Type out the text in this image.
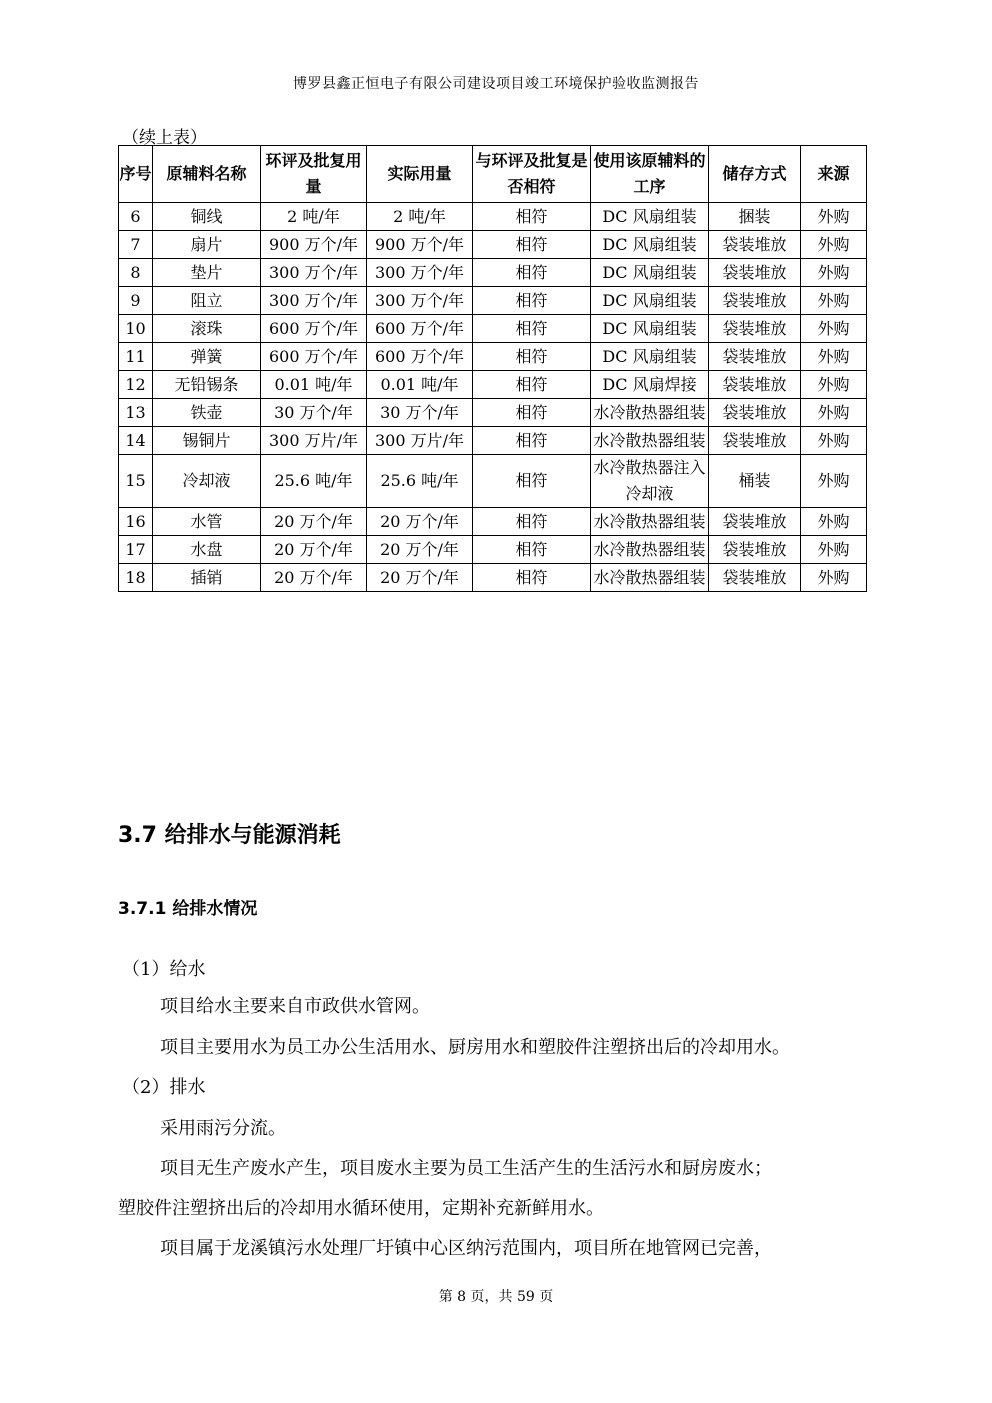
博罗县鑫正恒电子有限公司建设项目竣工环境保护验收监测报告
（续上表）
序号	原辅料名称	环评及批复用量	实际用量	与环评及批复是否相符	使用该原辅料的工序	储存方式	来源
6	铜线	2 吨/年	2 吨/年	相符	DC 风扇组装	捆装	外购
7	扇片	900 万个/年	900 万个/年	相符	DC 风扇组装	袋装堆放	外购
8	垫片	300 万个/年	300 万个/年	相符	DC 风扇组装	袋装堆放	外购
9	阻立	300 万个/年	300 万个/年	相符	DC 风扇组装	袋装堆放	外购
10	滚珠	600 万个/年	600 万个/年	相符	DC 风扇组装	袋装堆放	外购
11	弹簧	600 万个/年	600 万个/年	相符	DC 风扇组装	袋装堆放	外购
12	无铅锡条	0.01 吨/年	0.01 吨/年	相符	DC 风扇焊接	袋装堆放	外购
13	铁壶	30 万个/年	30 万个/年	相符	水冷散热器组装	袋装堆放	外购
14	锡铜片	300 万片/年	300 万片/年	相符	水冷散热器组装	袋装堆放	外购
15	冷却液	25.6 吨/年	25.6 吨/年	相符	水冷散热器注入冷却液	桶装	外购
16	水管	20 万个/年	20 万个/年	相符	水冷散热器组装	袋装堆放	外购
17	水盘	20 万个/年	20 万个/年	相符	水冷散热器组装	袋装堆放	外购
18	插销	20 万个/年	20 万个/年	相符	水冷散热器组装	袋装堆放	外购
3.7 给排水与能源消耗
3.7.1 给排水情况
（1）给水
项目给水主要来自市政供水管网。
项目主要用水为员工办公生活用水、厨房用水和塑胶件注塑挤出后的冷却用水。
（2）排水
采用雨污分流。
项目无生产废水产生，项目废水主要为员工生活产生的生活污水和厨房废水；
塑胶件注塑挤出后的冷却用水循环使用，定期补充新鲜用水。
项目属于龙溪镇污水处理厂圩镇中心区纳污范围内，项目所在地管网已完善，
第 8 页，共 59 页
